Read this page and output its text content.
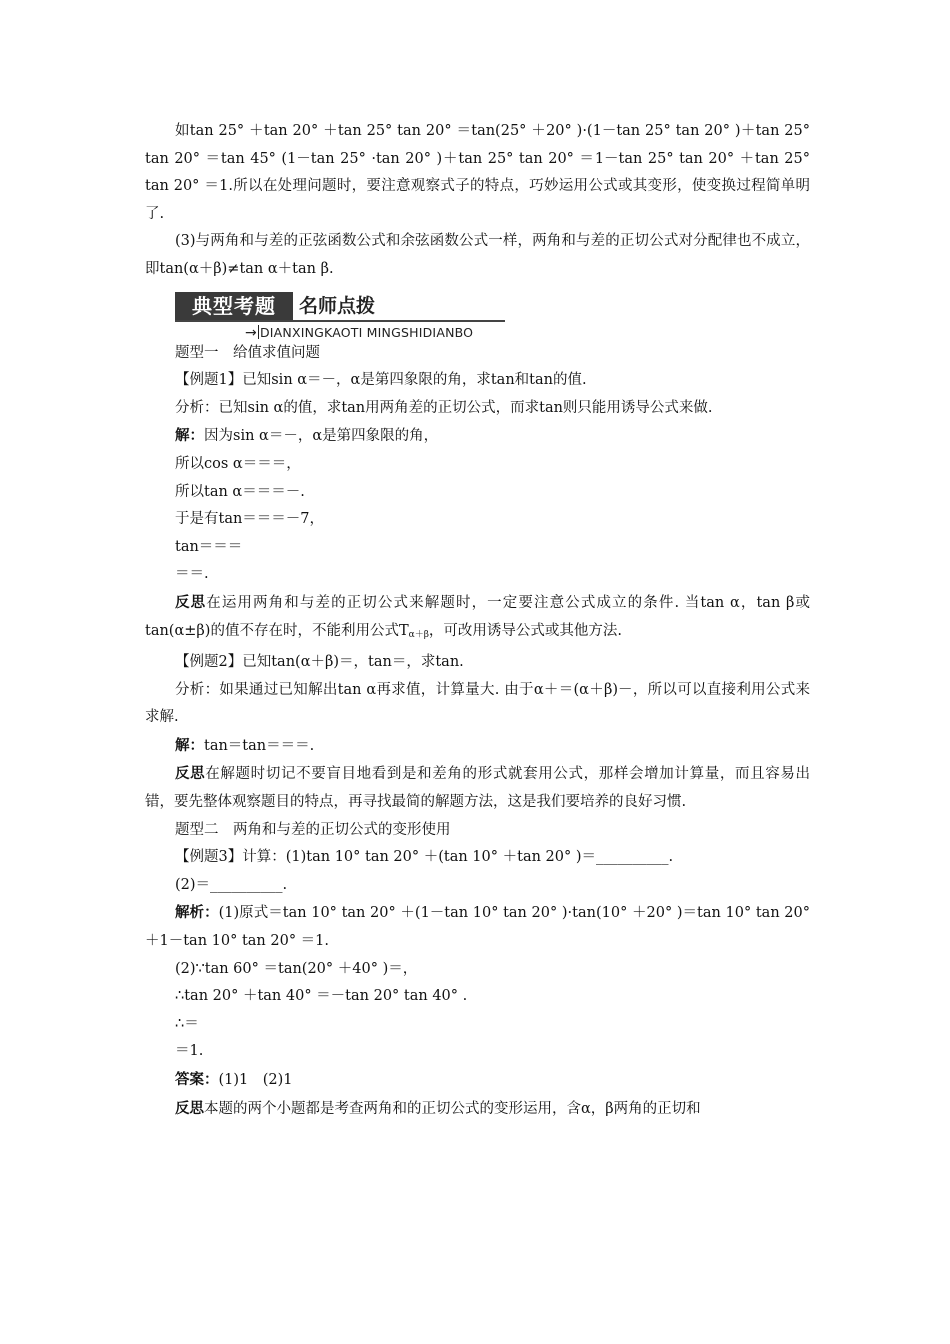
如tan 25° ＋tan 20° ＋tan 25° tan 20° ＝tan(25° ＋20° )·(1－tan 25° tan 20° )＋tan 25° tan 20° ＝tan 45° (1－tan 25° ·tan 20° )＋tan 25° tan 20° ＝1－tan 25° tan 20° ＋tan 25° tan 20° ＝1.所以在处理问题时，要注意观察式子的特点，巧妙运用公式或其变形，使变换过程简单明了.

(3)与两角和与差的正弦函数公式和余弦函数公式一样，两角和与差的正切公式对分配律也不成立，即tan(α＋β)≠tan α＋tan β.

典型考题	名师点拨
→ DIANXINGKAOTI MINGSHIDIANBO

题型一　给值求值问题

【例题1】已知sin α＝－，α是第四象限的角，求tan和tan的值.

分析：已知sin α的值，求tan用两角差的正切公式，而求tan则只能用诱导公式来做.

解：因为sin α＝－，α是第四象限的角，

所以cos α＝＝＝，

所以tan α＝＝＝－.

于是有tan＝＝＝－7，

tan＝＝＝

＝＝.

反思在运用两角和与差的正切公式来解题时，一定要注意公式成立的条件. 当tan α，tan β或tan(α±β)的值不存在时，不能利用公式$T_{\alpha+\beta}$，可改用诱导公式或其他方法.

【例题2】已知tan(α＋β)＝，tan＝，求tan.

分析：如果通过已知解出tan α再求值，计算量大. 由于α＋＝(α＋β)－，所以可以直接利用公式来求解.

解：tan＝tan＝＝＝.

反思在解题时切记不要盲目地看到是和差角的形式就套用公式，那样会增加计算量，而且容易出错，要先整体观察题目的特点，再寻找最简的解题方法，这是我们要培养的良好习惯.

题型二　两角和与差的正切公式的变形使用

【例题3】计算：(1)tan 10° tan 20° ＋(tan 10° ＋tan 20° )＝__________.

(2)＝__________.

解析：(1)原式＝tan 10° tan 20° ＋(1－tan 10° tan 20° )·tan(10° ＋20° )＝tan 10° tan 20° ＋1－tan 10° tan 20° ＝1.

(2)∵tan 60° ＝tan(20° ＋40° )＝，

∴tan 20° ＋tan 40° ＝－tan 20° tan 40° .

∴＝

＝1.

答案：(1)1　(2)1

反思本题的两个小题都是考查两角和的正切公式的变形运用，含α，β两角的正切和
